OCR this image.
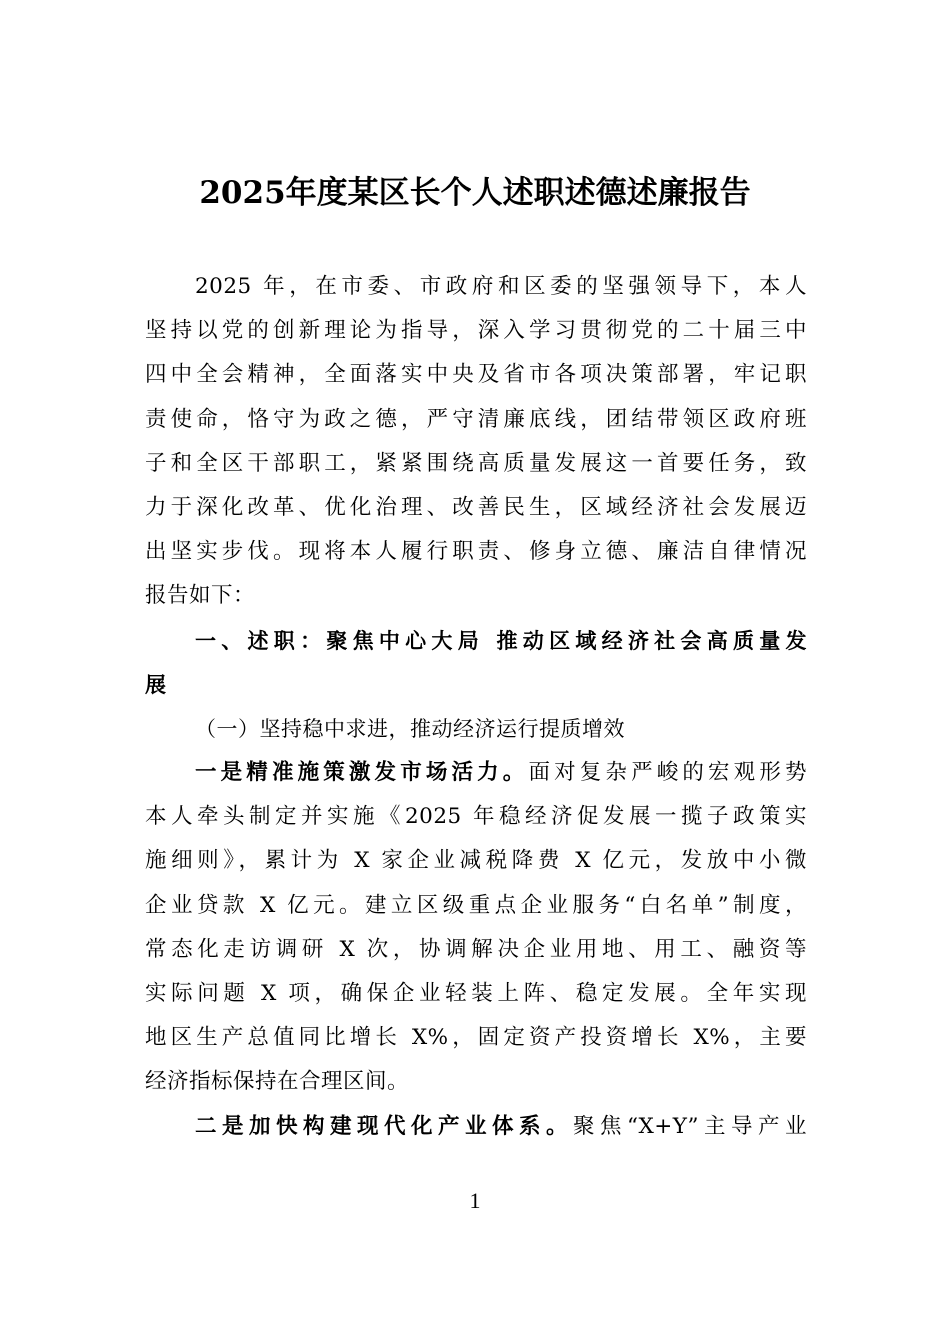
2025年度某区长个人述职述德述廉报告
2025 年，在市委、市政府和区委的坚强领导下，本人
坚持以党的创新理论为指导，深入学习贯彻党的二十届三中
四中全会精神，全面落实中央及省市各项决策部署，牢记职
责使命，恪守为政之德，严守清廉底线，团结带领区政府班
子和全区干部职工，紧紧围绕高质量发展这一首要任务，致
力于深化改革、优化治理、改善民生，区域经济社会发展迈
出坚实步伐。现将本人履行职责、修身立德、廉洁自律情况
报告如下：
一、述职：聚焦中心大局 推动区域经济社会高质量发
展
（一）坚持稳中求进，推动经济运行提质增效
一是精准施策激发市场活力。面对复杂严峻的宏观形势
本人牵头制定并实施《2025 年稳经济促发展一揽子政策实
施细则》，累计为 X 家企业减税降费 X 亿元，发放中小微
企业贷款 X 亿元。建立区级重点企业服务“白名单”制度，
常态化走访调研 X 次，协调解决企业用地、用工、融资等
实际问题 X 项，确保企业轻装上阵、稳定发展。全年实现
地区生产总值同比增长 X%，固定资产投资增长 X%，主要
经济指标保持在合理区间。
二是加快构建现代化产业体系。聚焦“X+Y”主导产业
1
